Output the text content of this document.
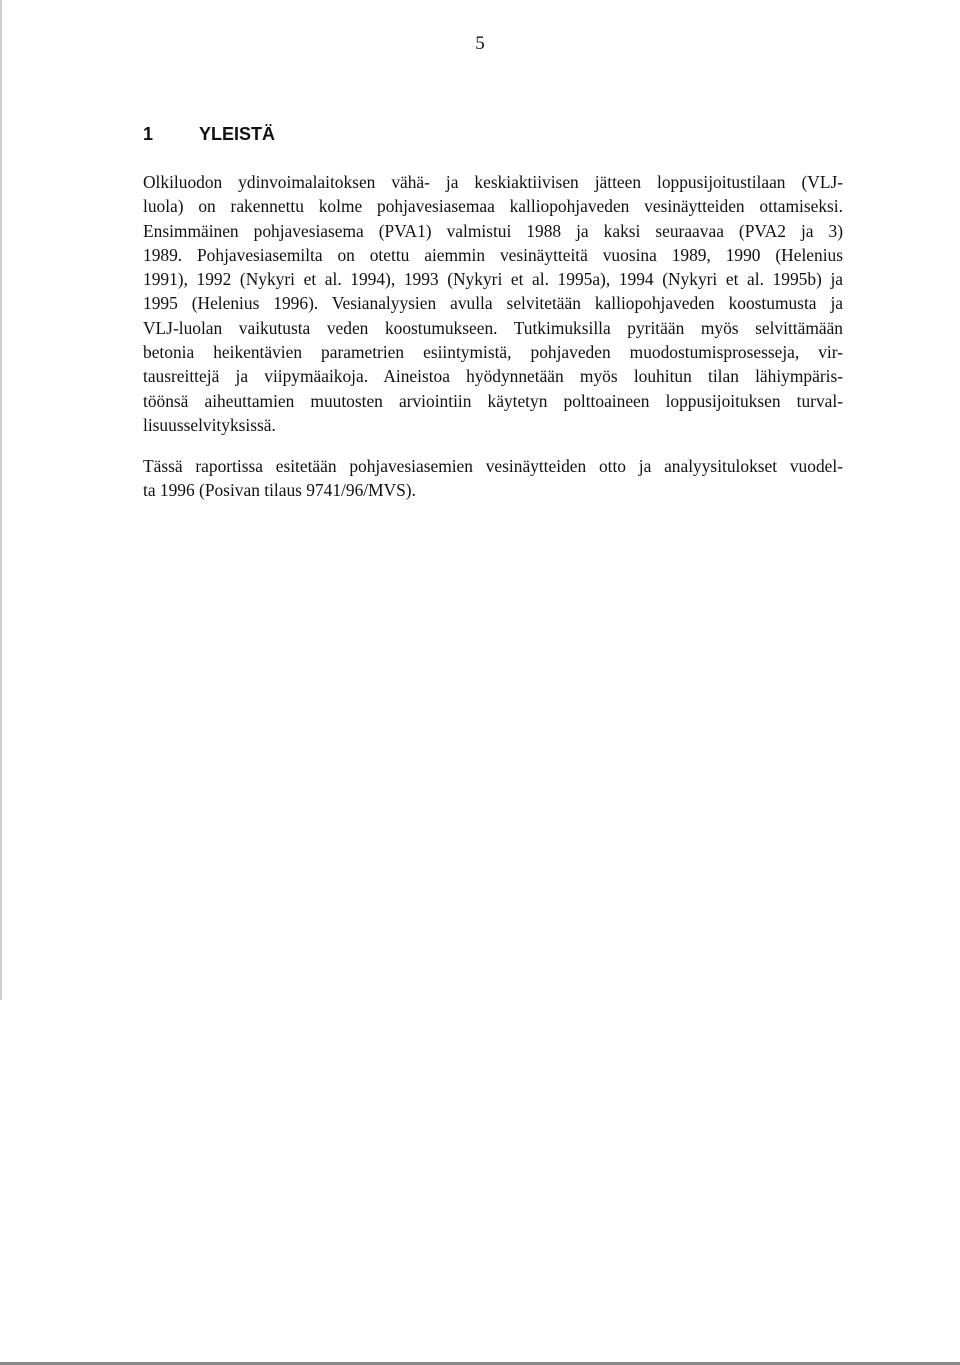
5
1	YLEISTÄ
Olkiluodon ydinvoimalaitoksen vähä- ja keskiaktiivisen jätteen loppusijoitustilaan (VLJ-
luola) on rakennettu kolme pohjavesiasemaa kalliopohjaveden vesinäytteiden ottamiseksi.
Ensimmäinen pohjavesiasema (PVA1) valmistui 1988 ja kaksi seuraavaa (PVA2 ja 3)
1989. Pohjavesiasemilta on otettu aiemmin vesinäytteitä vuosina 1989, 1990 (Helenius
1991), 1992 (Nykyri et al. 1994), 1993 (Nykyri et al. 1995a), 1994 (Nykyri et al. 1995b) ja
1995 (Helenius 1996). Vesianalyysien avulla selvitetään kalliopohjaveden koostumusta ja
VLJ-luolan vaikutusta veden koostumukseen. Tutkimuksilla pyritään myös selvittämään
betonia heikentävien parametrien esiintymistä, pohjaveden muodostumisprosesseja, vir-
tausreittejä ja viipymäaikoja. Aineistoa hyödynnetään myös louhitun tilan lähiympäris-
töönsä aiheuttamien muutosten arviointiin käytetyn polttoaineen loppusijoituksen turval-
lisuusselvityksissä.
Tässä raportissa esitetään pohjavesiasemien vesinäytteiden otto ja analyysitulokset vuodel-
ta 1996 (Posivan tilaus 9741/96/MVS).
